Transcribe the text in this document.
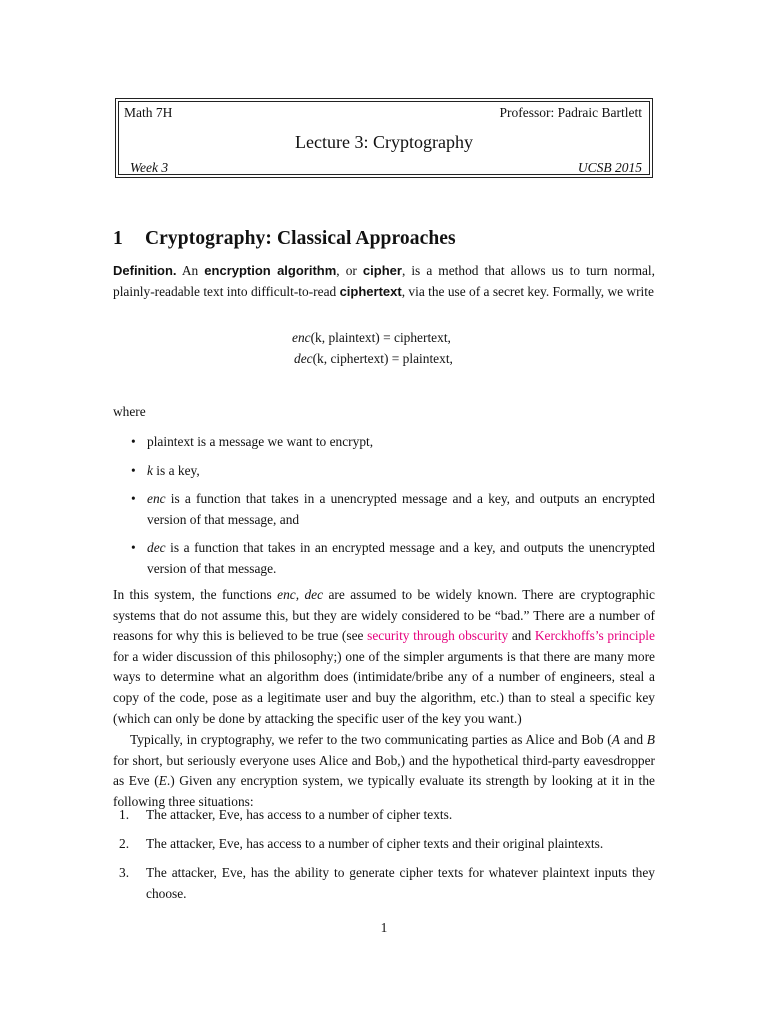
Math 7H	Professor: Padraic Bartlett
Lecture 3: Cryptography
Week 3	UCSB 2015
1 Cryptography: Classical Approaches
Definition. An encryption algorithm, or cipher, is a method that allows us to turn normal, plainly-readable text into difficult-to-read ciphertext, via the use of a secret key. Formally, we write
enc(k, plaintext) = ciphertext,
dec(k, ciphertext) = plaintext,
where
• plaintext is a message we want to encrypt,
• k is a key,
• enc is a function that takes in a unencrypted message and a key, and outputs an encrypted version of that message, and
• dec is a function that takes in an encrypted message and a key, and outputs the unencrypted version of that message.
In this system, the functions enc, dec are assumed to be widely known. There are cryptographic systems that do not assume this, but they are widely considered to be “bad.” There are a number of reasons for why this is believed to be true (see security through obscurity and Kerckhoffs’s principle for a wider discussion of this philosophy;) one of the simpler arguments is that there are many more ways to determine what an algorithm does (intimidate/bribe any of a number of engineers, steal a copy of the code, pose as a legitimate user and buy the algorithm, etc.) than to steal a specific key (which can only be done by attacking the specific user of the key you want.)
Typically, in cryptography, we refer to the two communicating parties as Alice and Bob (A and B for short, but seriously everyone uses Alice and Bob,) and the hypothetical third-party eavesdropper as Eve (E.) Given any encryption system, we typically evaluate its strength by looking at it in the following three situations:
1. The attacker, Eve, has access to a number of cipher texts.
2. The attacker, Eve, has access to a number of cipher texts and their original plaintexts.
3. The attacker, Eve, has the ability to generate cipher texts for whatever plaintext inputs they choose.
1
